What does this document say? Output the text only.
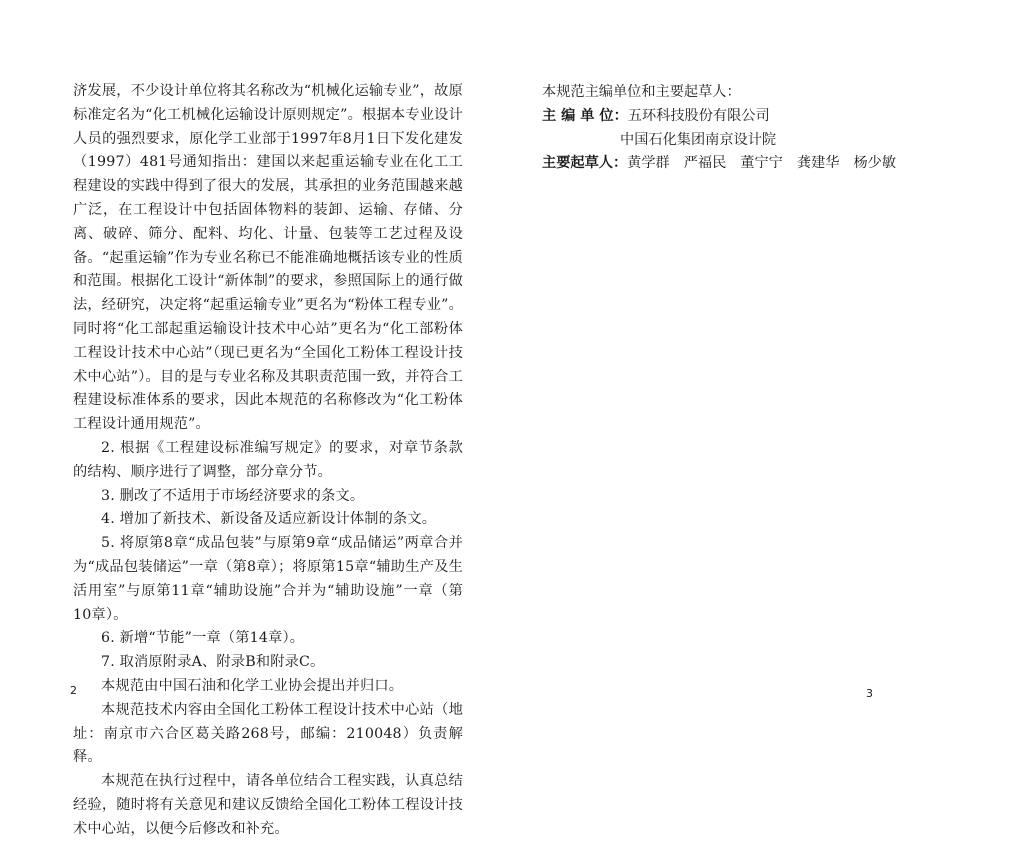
济发展，不少设计单位将其名称改为“机械化运输专业”，故原标准定名为“化工机械化运输设计原则规定”。根据本专业设计人员的强烈要求，原化学工业部于1997年8月1日下发化建发（1997）481号通知指出：建国以来起重运输专业在化工工程建设的实践中得到了很大的发展，其承担的业务范围越来越广泛，在工程设计中包括固体物料的装卸、运输、存储、分离、破碎、筛分、配料、均化、计量、包装等工艺过程及设备。“起重运输”作为专业名称已不能准确地概括该专业的性质和范围。根据化工设计“新体制”的要求，参照国际上的通行做法，经研究，决定将“起重运输专业”更名为“粉体工程专业”。同时将“化工部起重运输设计技术中心站”更名为“化工部粉体工程设计技术中心站”（现已更名为“全国化工粉体工程设计技术中心站”）。目的是与专业名称及其职责范围一致，并符合工程建设标准体系的要求，因此本规范的名称修改为“化工粉体工程设计通用规范”。

2. 根据《工程建设标准编写规定》的要求，对章节条款的结构、顺序进行了调整，部分章分节。

3. 删改了不适用于市场经济要求的条文。

4. 增加了新技术、新设备及适应新设计体制的条文。

5. 将原第8章“成品包装”与原第9章“成品储运”两章合并为“成品包装储运”一章（第8章）；将原第15章“辅助生产及生活用室”与原第11章“辅助设施”合并为“辅助设施”一章（第10章）。

6. 新增“节能”一章（第14章）。

7. 取消原附录A、附录B和附录C。

本规范由中国石油和化学工业协会提出并归口。

本规范技术内容由全国化工粉体工程设计技术中心站（地址：南京市六合区葛关路268号，邮编：210048）负责解释。

本规范在执行过程中，请各单位结合工程实践，认真总结经验，随时将有关意见和建议反馈给全国化工粉体工程设计技术中心站，以便今后修改和补充。

2
本规范主编单位和主要起草人：
主 编 单 位：五环科技股份有限公司
中国石化集团南京设计院
主要起草人：黄学群 严福民 董宁宁 龚建华 杨少敏
3
